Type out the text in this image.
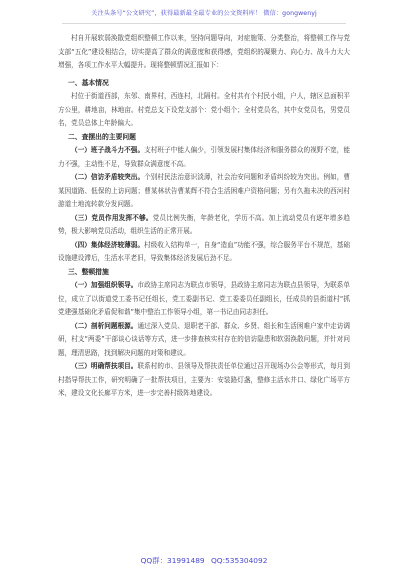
关注头条号“公文研究”，获得最新最全最专业的公文资料库！ 微信：gongwenyj

村自开展软弱涣散党组织整顿工作以来，坚持问题导向，对症施策、分类整治，将整顿工作与党支部“五化”建设相结合，切实提高了群众的满意度和获得感，党组织的凝聚力、向心力、战斗力大大增强，各项工作水平大幅提升。现将整顿情况汇报如下：

一、基本情况

村位于街道西部，东邻、南界村，西连村，北隔村。全村共有个村民小组，户人，辖区总面积平方公里，耕地亩，林地亩。村党总支下设党支部个：党小组个；全村党员名，其中女党员名，男党员名，党员总体上年龄偏大。

二、查摆出的主要问题

（一）班子战斗力不强。支村班子中能人偏少，引领发展村集体经济和服务群众的视野不宽，能力不强，主动性不足，导致群众满意度不高。

（二）信访矛盾较突出。个别村民法治意识淡薄，社会治安问题和矛盾纠纷较为突出。例如，曹某因道路、低保的上访问题；曹某林状告曹某辉不符合生活困难户资格问题；另有久拖未决的西河村游道土地流转款分发问题。

（三）党员作用发挥不够。党员比例失衡，年龄老化，学历不高。加上流动党员有逐年增多趋势，极大影响党员活动，组织生活的正常开展。

（四）集体经济较薄弱。村级收入结构单一，自身“造血”功能不强，综合服务平台不规范，基础设施建设滞后，生活水平老旧，导致集体经济发展后劲不足。

三、整顿措施

（一）加强组织领导。市政协主席同志为联点市领导，县政协主席同志为联点县领导，为联系单位，成立了以街道党工委书记任组长，党工委副书记、党工委委员任副组长，任成员的县街道村“抓党建强基础化矛盾促和谐”集中整治工作领导小组，第一书记由同志担任。

（二）剖析问题根源。通过深入党员、退职老干部、群众、乡贤、组长和生活困难户家中走访调研，村支“两委”干部谈心谈话等方式，进一步排查核实村存在的信访隐患和软弱涣散问题，并针对问题，理清思路，找到解决问题的对策和建议。

（三）明确帮扶项目。联系村的市、县领导及帮扶责任单位通过召开现场办公会等形式，每月到村指导帮扶工作，研究明确了一批帮扶项目，主要为：安装路灯盏，整修主活水井口、绿化广场平方米，建设文化长廊平方米，进一步完善村级阵地建设。

QQ群：31991489 QQ:535304092
